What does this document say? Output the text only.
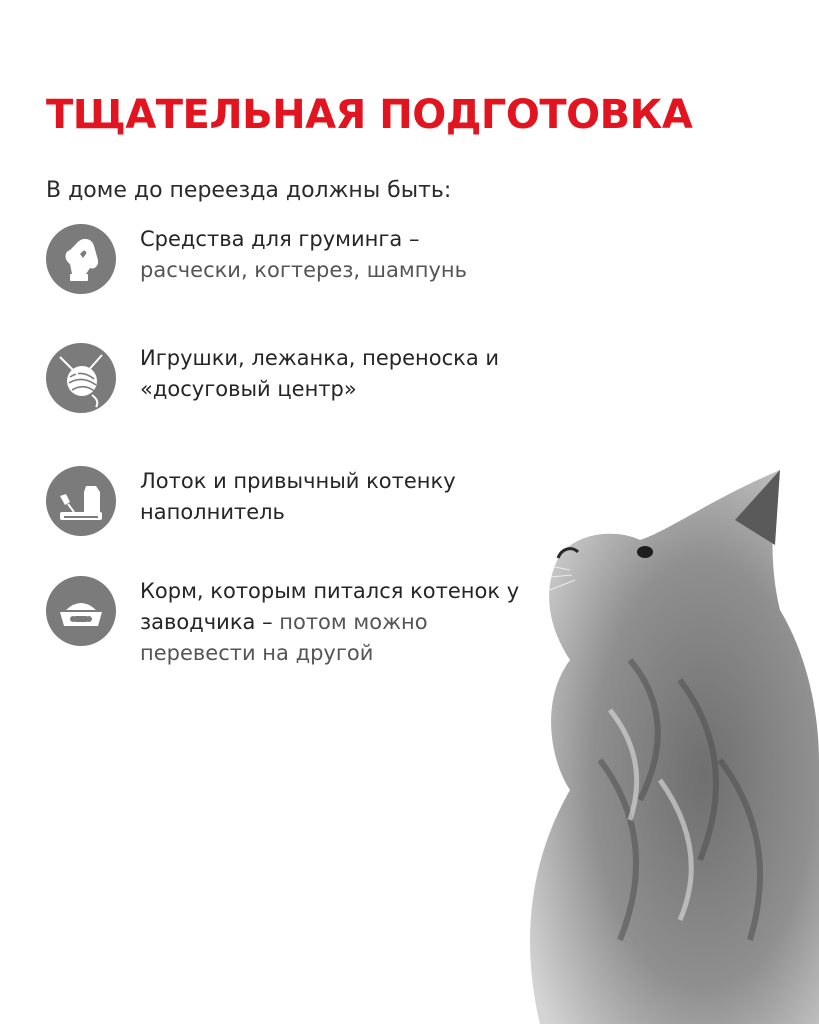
ТЩАТЕЛЬНАЯ ПОДГОТОВКА
В доме до переезда должны быть:
Средства для груминга –
расчески, когтерез, шампунь
Игрушки, лежанка, переноска и «досуговый центр»
Лоток и привычный котенку наполнитель
Корм, которым питался котенок у заводчика – потом можно перевести на другой
